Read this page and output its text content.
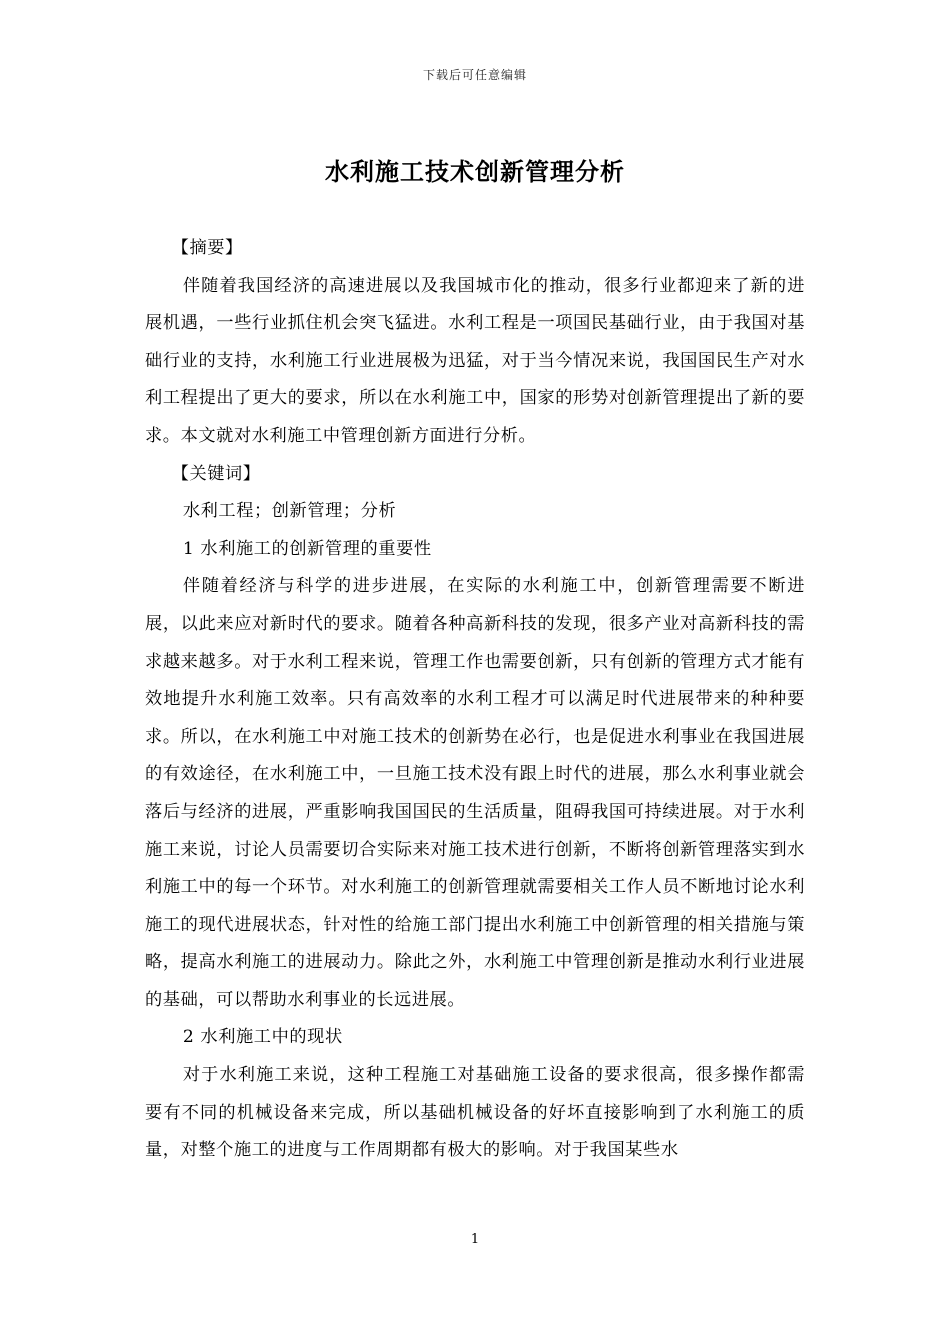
下载后可任意编辑
水利施工技术创新管理分析

【摘要】

伴随着我国经济的高速进展以及我国城市化的推动，很多行业都迎来了新的进展机遇，一些行业抓住机会突飞猛进。水利工程是一项国民基础行业，由于我国对基础行业的支持，水利施工行业进展极为迅猛，对于当今情况来说，我国国民生产对水利工程提出了更大的要求，所以在水利施工中，国家的形势对创新管理提出了新的要求。本文就对水利施工中管理创新方面进行分析。

【关键词】

水利工程；创新管理；分析

1 水利施工的创新管理的重要性

伴随着经济与科学的进步进展，在实际的水利施工中，创新管理需要不断进展，以此来应对新时代的要求。随着各种高新科技的发现，很多产业对高新科技的需求越来越多。对于水利工程来说，管理工作也需要创新，只有创新的管理方式才能有效地提升水利施工效率。只有高效率的水利工程才可以满足时代进展带来的种种要求。所以，在水利施工中对施工技术的创新势在必行，也是促进水利事业在我国进展的有效途径，在水利施工中，一旦施工技术没有跟上时代的进展，那么水利事业就会落后与经济的进展，严重影响我国国民的生活质量，阻碍我国可持续进展。对于水利施工来说，讨论人员需要切合实际来对施工技术进行创新，不断将创新管理落实到水利施工中的每一个环节。对水利施工的创新管理就需要相关工作人员不断地讨论水利施工的现代进展状态，针对性的给施工部门提出水利施工中创新管理的相关措施与策略，提高水利施工的进展动力。除此之外，水利施工中管理创新是推动水利行业进展的基础，可以帮助水利事业的长远进展。

2 水利施工中的现状

对于水利施工来说，这种工程施工对基础施工设备的要求很高，很多操作都需要有不同的机械设备来完成，所以基础机械设备的好坏直接影响到了水利施工的质量，对整个施工的进度与工作周期都有极大的影响。对于我国某些水

1
